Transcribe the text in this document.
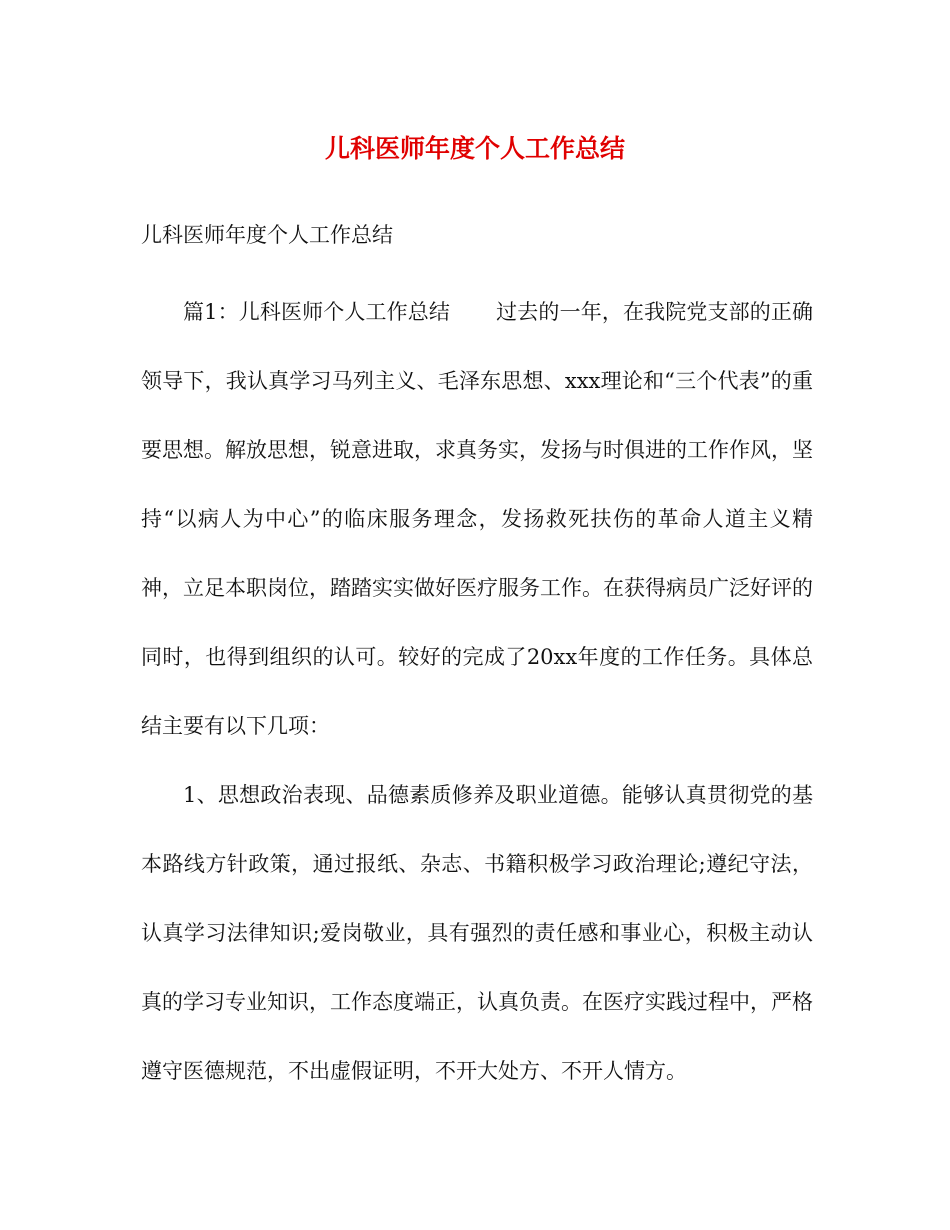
儿科医师年度个人工作总结
儿科医师年度个人工作总结

篇1：儿科医师个人工作总结 过去的一年，在我院党支部的正确领导下，我认真学习马列主义、毛泽东思想、xxx理论和“三个代表”的重要思想。解放思想，锐意进取，求真务实，发扬与时俱进的工作作风，坚持“以病人为中心”的临床服务理念，发扬救死扶伤的革命人道主义精神，立足本职岗位，踏踏实实做好医疗服务工作。在获得病员广泛好评的同时，也得到组织的认可。较好的完成了20xx年度的工作任务。具体总结主要有以下几项：

1、思想政治表现、品德素质修养及职业道德。能够认真贯彻党的基本路线方针政策，通过报纸、杂志、书籍积极学习政治理论;遵纪守法，认真学习法律知识;爱岗敬业，具有强烈的责任感和事业心，积极主动认真的学习专业知识，工作态度端正，认真负责。在医疗实践过程中，严格遵守医德规范，不出虚假证明，不开大处方、不开人情方。
